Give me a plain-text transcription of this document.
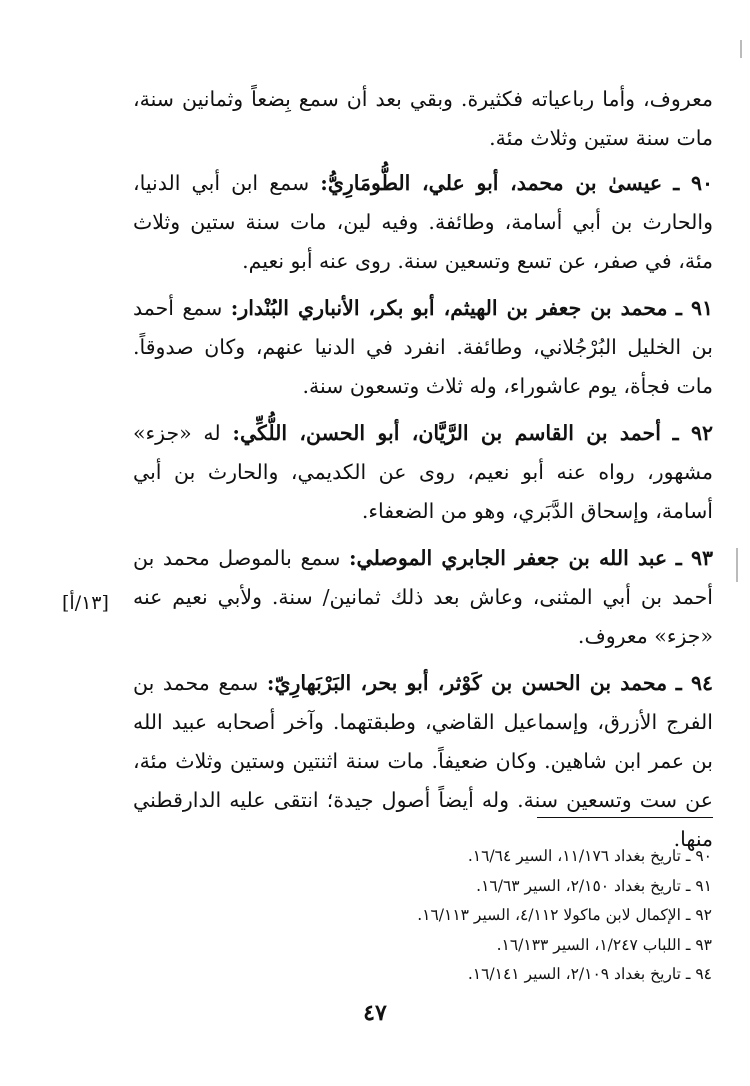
معروف، وأما رباعياته فكثيرة. وبقي بعد أن سمع بِضعاً وثمانين سنة، مات سنة ستين وثلاث مئة.

٩٠ ـ عيسىٰ بن محمد، أبو علي، الطُّومَارِيُّ: سمع ابن أبي الدنيا، والحارث بن أبي أسامة، وطائفة. وفيه لين، مات سنة ستين وثلاث مئة، في صفر، عن تسع وتسعين سنة. روى عنه أبو نعيم.

٩١ ـ محمد بن جعفر بن الهيثم، أبو بكر، الأنباري البُنْدار: سمع أحمد بن الخليل البُرْجُلاني، وطائفة. انفرد في الدنيا عنهم، وكان صدوقاً. مات فجأة، يوم عاشوراء، وله ثلاث وتسعون سنة.

٩٢ ـ أحمد بن القاسم بن الرَّيَّان، أبو الحسن، اللُّكِّي: له «جزء» مشهور، رواه عنه أبو نعيم، روى عن الكديمي، والحارث بن أبي أسامة، وإسحاق الدَّبَري، وهو من الضعفاء.

٩٣ ـ عبد الله بن جعفر الجابري الموصلي: سمع بالموصل محمد بن أحمد بن أبي المثنى، وعاش بعد ذلك ثمانين/ سنة. ولأبي نعيم عنه «جزء» معروف.

٩٤ ـ محمد بن الحسن بن كَوْثر، أبو بحر، البَرْبَهارِيّ: سمع محمد بن الفرج الأزرق، وإسماعيل القاضي، وطبقتهما. وآخر أصحابه عبيد الله بن عمر ابن شاهين. وكان ضعيفاً. مات سنة اثنتين وستين وثلاث مئة، عن ست وتسعين سنة. وله أيضاً أصول جيدة؛ انتقى عليه الدارقطني منها.

[١٣/أ]
٩٠ ـ تاريخ بغداد ١١/١٧٦، السير ١٦/٦٤.
٩١ ـ تاريخ بغداد ٢/١٥٠، السير ١٦/٦٣.
٩٢ ـ الإكمال لابن ماكولا ٤/١١٢، السير ١٦/١١٣.
٩٣ ـ اللباب ١/٢٤٧، السير ١٦/١٣٣.
٩٤ ـ تاريخ بغداد ٢/١٠٩، السير ١٦/١٤١.
٤٧
